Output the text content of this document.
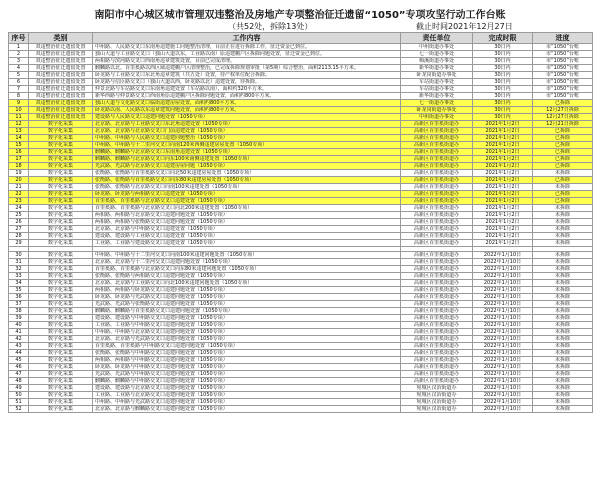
南阳市中心城区城市管理双违整治及房地产专项整治征迁遗留“1050”专项攻坚行动工作台账
（共52处，拆除13处）	截止时间2021年12月27日
序号	类别	工作内容	责任单位	完成时限	进度
1	双违整治征迁遗留处置	中州路、人民路交叉口东南角违建施工问题整治清理，目前正在进行拆除工作，征迁资金已到位。	中州街道办事处	30日内	市“1050”台账
2	双违整治征迁遗留处置	独山大道与工业路交叉口（独山大道以东，工业路以南）原违建棚户区拆除问题处置，征迁资金已到位。	七一街道办事处	30日内	市“1050”台账
3	双违整治征迁遗留处置	两相路与滨河路交叉口西南角违章建筑处置，目前已完成清理。	梅溪街道办事处	30日内	市“1050”台账
4	双违整治征迁遗留处置	麒麟路以北、百里奚路以西区域违建棚户区清理整治，已完成拆除规划审批（第5期）综合整治，面积2113.15平方米。	新华街道办事处	30日内	市“1050”台账
5	双违整治征迁遗留处置	卧龙路与工业路交叉口东北角违章建筑（共五处）处置，待产权单位配合拆除。	卧龙岗街道办事处	30日内	市“1050”台账
6	双违整治征迁遗留处置	卧龙路与信臣路交叉口（独山大道以西，卧龙路以北）违建处置，待拆除。	车站街道办事处	30日内	市“1050”台账
7	双违整治征迁遗留处置	仲景北路与车站路交叉口东南角违建处置（车站路以南），面积约320平方米。	车站街道办事处	30日内	市“1050”台账
8	双违整治征迁遗留处置	新华西路与仲景路交叉口西南角原违建棚户区拆除问题处置，面积约800平方米。	新华街道办事处	30日内	市“1050”台账
9	双违整治征迁遗留处置	独山大道与文化路交叉口临街违建房屋处置，面积约800平方米。	七一街道办事处	30日内	已拆除
10	双违整治征迁遗留处置	卧龙路以南、人民路以东违章建筑问题处置，面积约800平方米。	卧龙岗街道办事处	30日内	12月27日拆除
11	双违整治征迁遗留处置	建设路与人民路交叉口违建问题处置（1050专项）	中州街道办事处	30日内	12月27日拆除
12	数字化采集	北京路、北京路与工业路交叉口东北角违建处置（1050专项）	高新区百里奚街道办	2021年1月2日	12月21日拆除
13	数字化采集	北京路、北京路与北京路交叉口门前违建处置（1050专项）	高新区百里奚街道办	2021年1月2日	已拆除
14	数字化采集	中州路、中州路与人民路交叉口违建问题整治（1050专项）	高新区百里奚街道办	2021年1月2日	已拆除
15	数字化采集	中州路、中州路与十二里河交叉口向南120米西侧违建房屋处置（1050专项）	高新区百里奚街道办	2021年1月2日	已拆除
16	数字化采集	麒麟路、麒麟路与北京路交叉口东南角违建处置（1050专项）	高新区百里奚街道办	2021年1月2日	已拆除
17	数字化采集	麒麟路、麒麟路与北京路交叉口向东100米南侧违建处置（1050专项）	高新区百里奚街道办	2021年1月2日	已拆除
18	数字化采集	光武路、光武路与北京路交叉口违建房屋问题（1050专项）	高新区百里奚街道办	2021年1月2日	已拆除
19	数字化采集	张衡路、张衡路与百里奚路交叉口向北50米违建房屋处置（1050专项）	高新区百里奚街道办	2021年1月2日	未拆除
20	数字化采集	张衡路、张衡路与百里奚路交叉口向东80米违建房屋处置（1050专项）	高新区百里奚街道办	2021年1月2日	已拆除
21	数字化采集	张衡路、张衡路与北京路交叉口向南100米违建处置（1050专项）	高新区百里奚街道办	2021年1月2日	未拆除
22	数字化采集	卧龙路、卧龙路与两相路交叉口违建处置（1050专项）	高新区百里奚街道办	2021年1月2日	已拆除
23	数字化采集	百里奚路、百里奚路与北京路交叉口违建处置（1050专项）	高新区百里奚街道办	2021年1月2日	已拆除
24	数字化采集	百里奚路、百里奚路与北京路交叉口向北200米违建处置（1050专项）	高新区百里奚街道办	2021年1月2日	未拆除
25	数字化采集	两相路、两相路与北京路交叉口违建问题处置（1050专项）	高新区百里奚街道办	2021年1月2日	未拆除
26	数字化采集	两相路、两相路与张衡路交叉口违建问题处置（1050专项）	高新区百里奚街道办	2021年1月2日	未拆除
27	数字化采集	北京路、北京路与中州路交叉口违建处置（1050专项）	高新区百里奚街道办	2021年1月2日	未拆除
28	数字化采集	建设路、建设路与工业路交叉口违建处置（1050专项）	高新区百里奚街道办	2021年1月2日	未拆除
29	数字化采集	工业路、工业路与建设路交叉口违建处置（1050专项）	高新区百里奚街道办	2021年1月2日	未拆除

30	数字化采集	中州路、中州路与十二里河交叉口向南100米违建问题处置（1050专项）	高新区百里奚街道办	2022年1月10日	未拆除
31	数字化采集	北京路、北京路与十二里河交叉口违建问题处置（1050专项）	高新区百里奚街道办	2022年1月10日	未拆除
32	数字化采集	百里奚路、百里奚路与北京路交叉口向东80米违建问题处置（1050专项）	高新区百里奚街道办	2022年1月10日	未拆除
33	数字化采集	张衡路、张衡路与两相路交叉口违建问题处置（1050专项）	高新区百里奚街道办	2022年1月10日	未拆除
34	数字化采集	北京路、北京路与工业路交叉口向北100米违建问题处置（1050专项）	高新区百里奚街道办	2022年1月10日	未拆除
35	数字化采集	两相路、两相路与卧龙路交叉口违建问题处置（1050专项）	高新区百里奚街道办	2022年1月10日	未拆除
36	数字化采集	卧龙路、卧龙路与光武路交叉口违建问题处置（1050专项）	高新区百里奚街道办	2022年1月10日	未拆除
37	数字化采集	光武路、光武路与张衡路交叉口违建问题处置（1050专项）	高新区百里奚街道办	2022年1月10日	未拆除
38	数字化采集	麒麟路、麒麟路与百里奚路交叉口违建问题处置（1050专项）	高新区百里奚街道办	2022年1月10日	未拆除
39	数字化采集	建设路、建设路与中州路交叉口违建问题处置（1050专项）	高新区百里奚街道办	2022年1月10日	未拆除
40	数字化采集	工业路、工业路与中州路交叉口违建问题处置（1050专项）	高新区百里奚街道办	2022年1月10日	未拆除
41	数字化采集	中州路、中州路与北京路交叉口违建问题处置（1050专项）	高新区百里奚街道办	2022年1月10日	未拆除
42	数字化采集	北京路、北京路与光武路交叉口违建问题处置（1050专项）	高新区百里奚街道办	2022年1月10日	未拆除
43	数字化采集	百里奚路、百里奚路与中州路交叉口违建问题处置（1050专项）	高新区百里奚街道办	2022年1月10日	未拆除
44	数字化采集	张衡路、张衡路与中州路交叉口违建问题处置（1050专项）	高新区百里奚街道办	2022年1月10日	未拆除
45	数字化采集	两相路、两相路与中州路交叉口违建问题处置（1050专项）	高新区百里奚街道办	2022年1月10日	未拆除
46	数字化采集	卧龙路、卧龙路与中州路交叉口违建问题处置（1050专项）	高新区百里奚街道办	2022年1月10日	未拆除
47	数字化采集	光武路、光武路与中州路交叉口违建问题处置（1050专项）	高新区百里奚街道办	2022年1月10日	未拆除
48	数字化采集	麒麟路、麒麟路与中州路交叉口违建问题处置（1050专项）	高新区百里奚街道办	2022年1月10日	未拆除
49	数字化采集	建设路、建设路与北京路交叉口违建问题处置（1050专项）	宛城区汉冶街道办	2022年1月10日	未拆除
50	数字化采集	工业路、工业路与北京路交叉口违建问题处置（1050专项）	宛城区汉冶街道办	2022年1月10日	未拆除
51	数字化采集	中州路、中州路与光武路交叉口违建问题处置（1050专项）	宛城区汉冶街道办	2022年1月10日	未拆除
52	数字化采集	北京路、北京路与麒麟路交叉口违建问题处置（1050专项）	宛城区汉冶街道办	2022年1月10日	未拆除
